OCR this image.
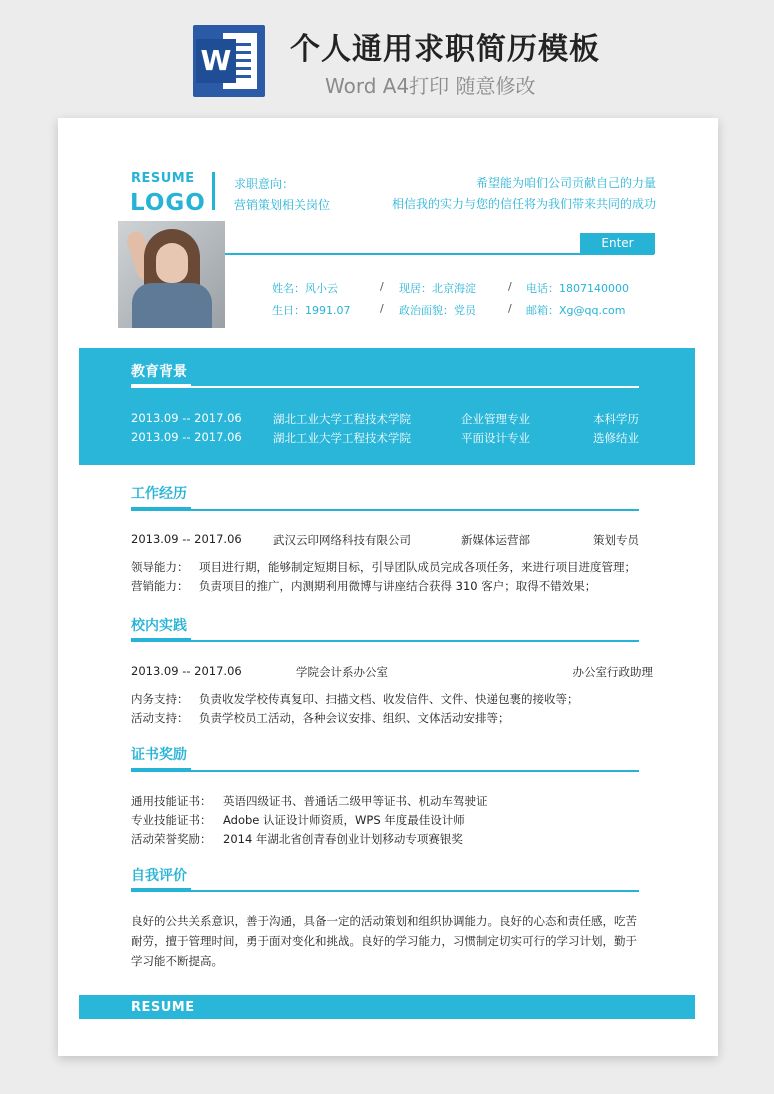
W 个人通用求职简历模板
Word A4打印 随意修改
RESUME
LOGO
求职意向：
营销策划相关岗位
希望能为咱们公司贡献自己的力量
相信我的实力与您的信任将为我们带来共同的成功
Enter
姓名：风小云	/ 现居：北京海淀	/ 电话：1807140000
生日：1991.07	/ 政治面貌：党员	/ 邮箱：Xg@qq.com
教育背景
2013.09 -- 2017.06	湖北工业大学工程技术学院	企业管理专业	本科学历
2013.09 -- 2017.06	湖北工业大学工程技术学院	平面设计专业	选修结业
工作经历
2013.09 -- 2017.06	武汉云印网络科技有限公司	新媒体运营部	策划专员
领导能力： 项目进行期，能够制定短期目标，引导团队成员完成各项任务，来进行项目进度管理；
营销能力： 负责项目的推广，内测期利用微博与讲座结合获得 310 客户；取得不错效果；
校内实践
2013.09 -- 2017.06	学院会计系办公室	办公室行政助理
内务支持： 负责收发学校传真复印、扫描文档、收发信件、文件、快递包裹的接收等；
活动支持： 负责学校员工活动，各种会议安排、组织、文体活动安排等；
证书奖励
通用技能证书： 英语四级证书、普通话二级甲等证书、机动车驾驶证
专业技能证书： Adobe 认证设计师资质，WPS 年度最佳设计师
活动荣誉奖励： 2014 年湖北省创青春创业计划移动专项赛银奖
自我评价
良好的公共关系意识，善于沟通，具备一定的活动策划和组织协调能力。良好的心态和责任感，吃苦耐劳，擅于管理时间，勇于面对变化和挑战。良好的学习能力，习惯制定切实可行的学习计划，勤于学习能不断提高。
RESUME
